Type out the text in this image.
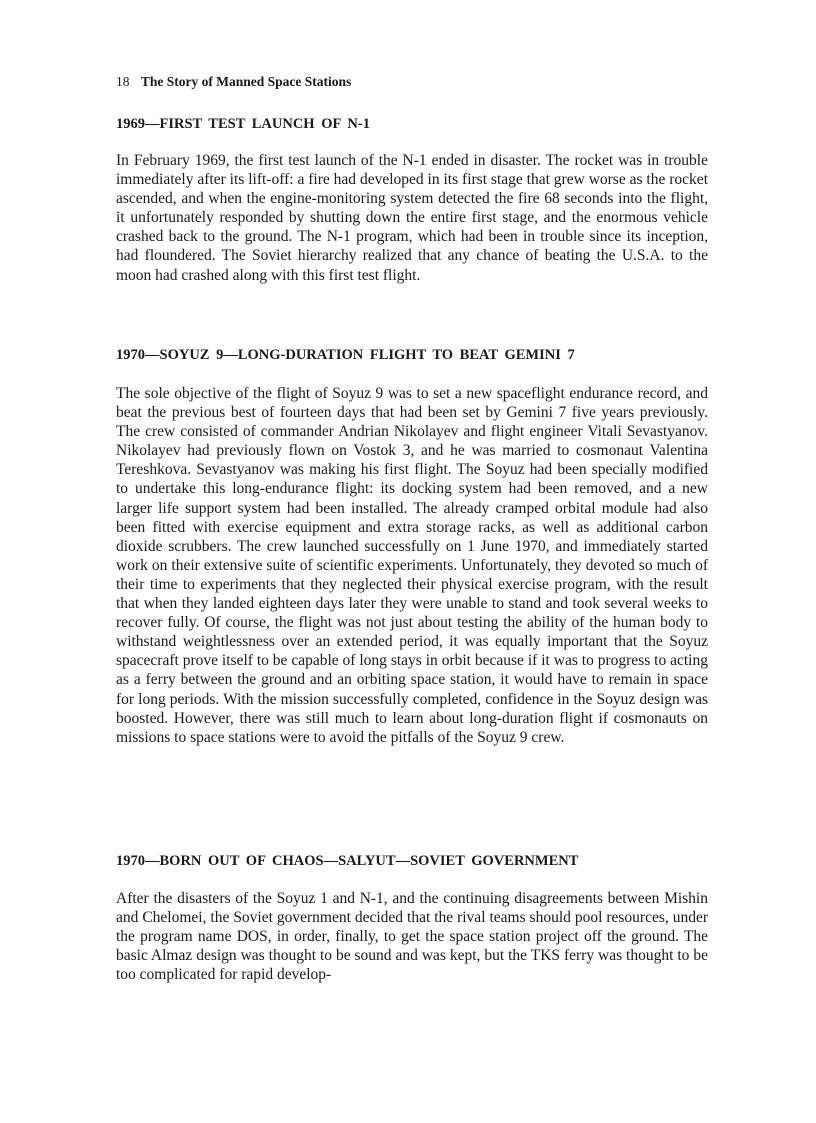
18 The Story of Manned Space Stations
1969—FIRST TEST LAUNCH OF N-1

In February 1969, the first test launch of the N-1 ended in disaster. The rocket was in trouble immediately after its lift-off: a fire had developed in its first stage that grew worse as the rocket ascended, and when the engine-monitoring system detected the fire 68 seconds into the flight, it unfortunately responded by shutting down the entire first stage, and the enormous vehicle crashed back to the ground. The N-1 program, which had been in trouble since its inception, had floundered. The Soviet hierarchy realized that any chance of beating the U.S.A. to the moon had crashed along with this first test flight.

1970—SOYUZ 9—LONG-DURATION FLIGHT TO BEAT GEMINI 7

The sole objective of the flight of Soyuz 9 was to set a new spaceflight endurance record, and beat the previous best of fourteen days that had been set by Gemini 7 five years previously. The crew consisted of commander Andrian Nikolayev and flight engineer Vitali Sevastyanov. Nikolayev had previously flown on Vostok 3, and he was married to cosmonaut Valentina Tereshkova. Sevastyanov was making his first flight. The Soyuz had been specially modified to undertake this long-endurance flight: its docking system had been removed, and a new larger life support system had been installed. The already cramped orbital module had also been fitted with exercise equipment and extra storage racks, as well as additional carbon dioxide scrubbers. The crew launched successfully on 1 June 1970, and immediately started work on their extensive suite of scientific experiments. Unfortunately, they devoted so much of their time to experiments that they neglected their physical exercise program, with the result that when they landed eighteen days later they were unable to stand and took several weeks to recover fully. Of course, the flight was not just about testing the ability of the human body to withstand weightlessness over an extended period, it was equally important that the Soyuz spacecraft prove itself to be capable of long stays in orbit because if it was to progress to acting as a ferry between the ground and an orbiting space station, it would have to remain in space for long periods. With the mission successfully completed, confidence in the Soyuz design was boosted. However, there was still much to learn about long-duration flight if cosmonauts on missions to space stations were to avoid the pitfalls of the Soyuz 9 crew.

1970—BORN OUT OF CHAOS—SALYUT—SOVIET GOVERNMENT

After the disasters of the Soyuz 1 and N-1, and the continuing disagreements between Mishin and Chelomei, the Soviet government decided that the rival teams should pool resources, under the program name DOS, in order, finally, to get the space station project off the ground. The basic Almaz design was thought to be sound and was kept, but the TKS ferry was thought to be too complicated for rapid develop-
